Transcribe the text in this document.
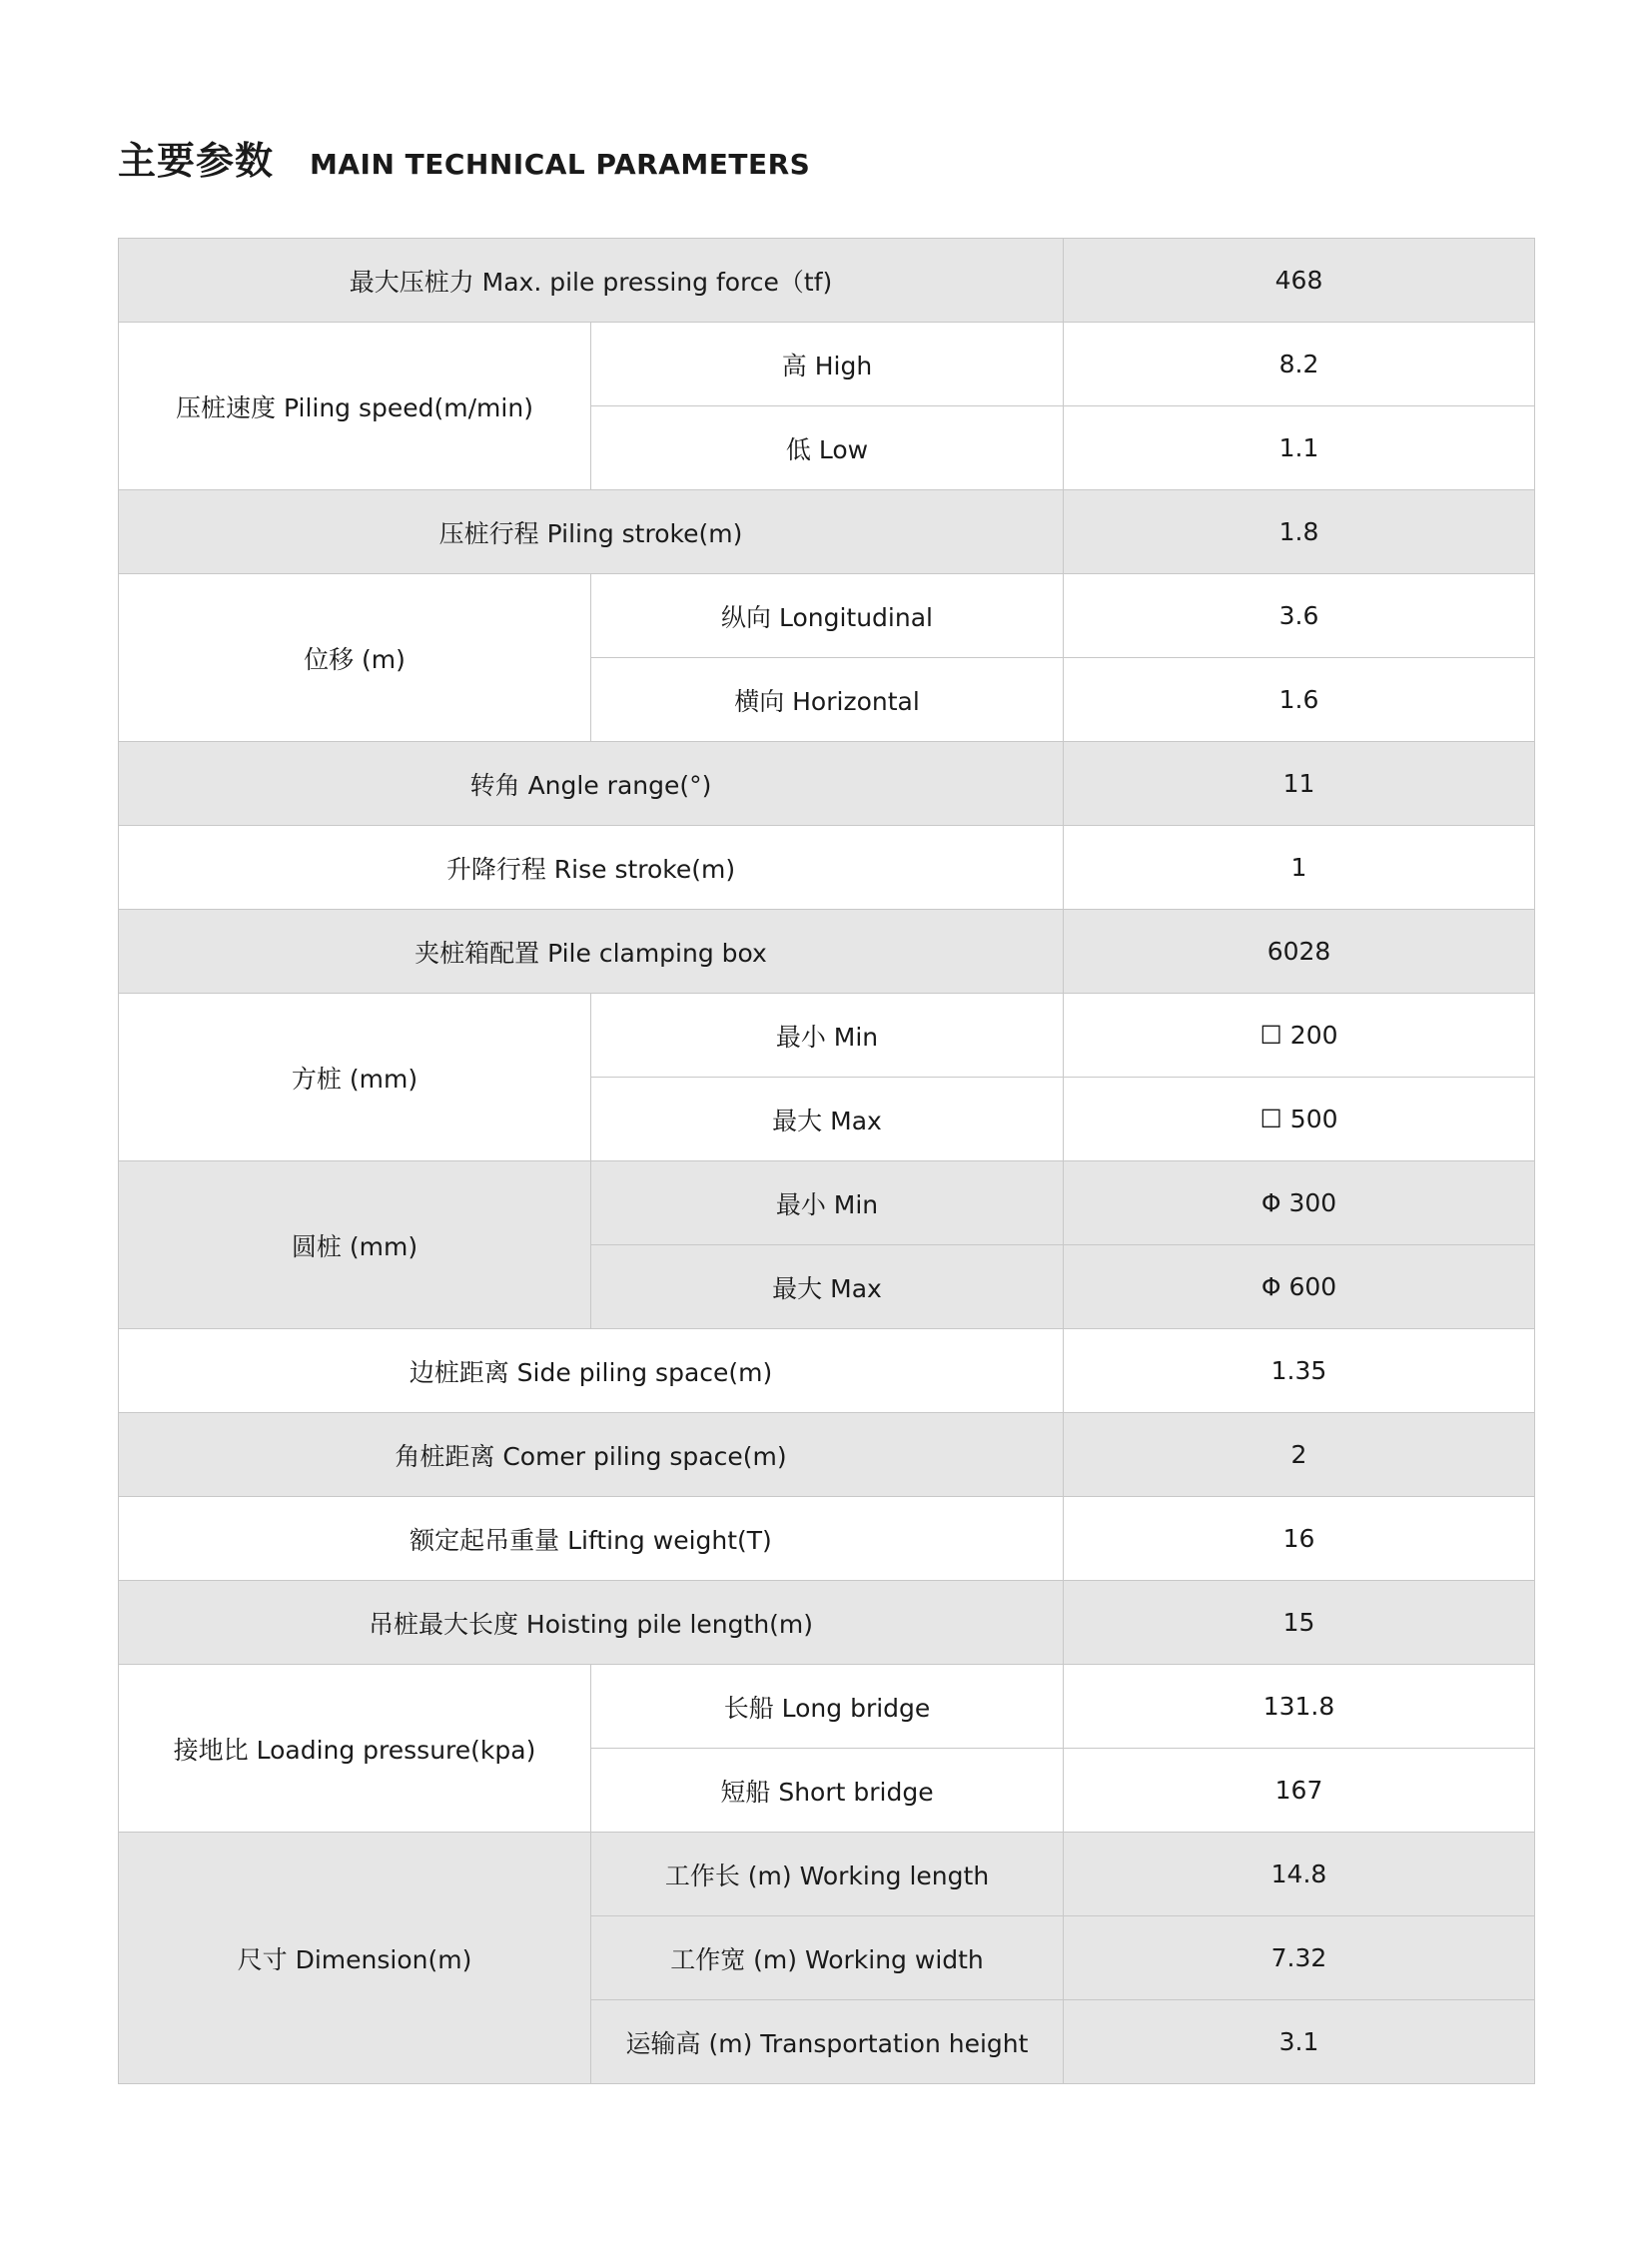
主要参数 MAIN TECHNICAL PARAMETERS
最大压桩力 Max. pile pressing force（tf)		468
压桩速度 Piling speed(m/min)	高 High	8.2
	低 Low	1.1
压桩行程 Piling stroke(m)		1.8
位移 (m)	纵向 Longitudinal	3.6
	横向 Horizontal	1.6
转角 Angle range(°)		11
升降行程 Rise stroke(m)		1
夹桩箱配置 Pile clamping box		6028
方桩 (mm)	最小 Min	☐ 200
	最大 Max	☐ 500
圆桩 (mm)	最小 Min	Φ 300
	最大 Max	Φ 600
边桩距离 Side piling space(m)		1.35
角桩距离 Comer piling space(m)		2
额定起吊重量 Lifting weight(T)		16
吊桩最大长度 Hoisting pile length(m)		15
接地比 Loading pressure(kpa)	长船 Long bridge	131.8
	短船 Short bridge	167
尺寸 Dimension(m)	工作长 (m) Working length	14.8
	工作宽 (m) Working width	7.32
	运输高 (m) Transportation height	3.1
